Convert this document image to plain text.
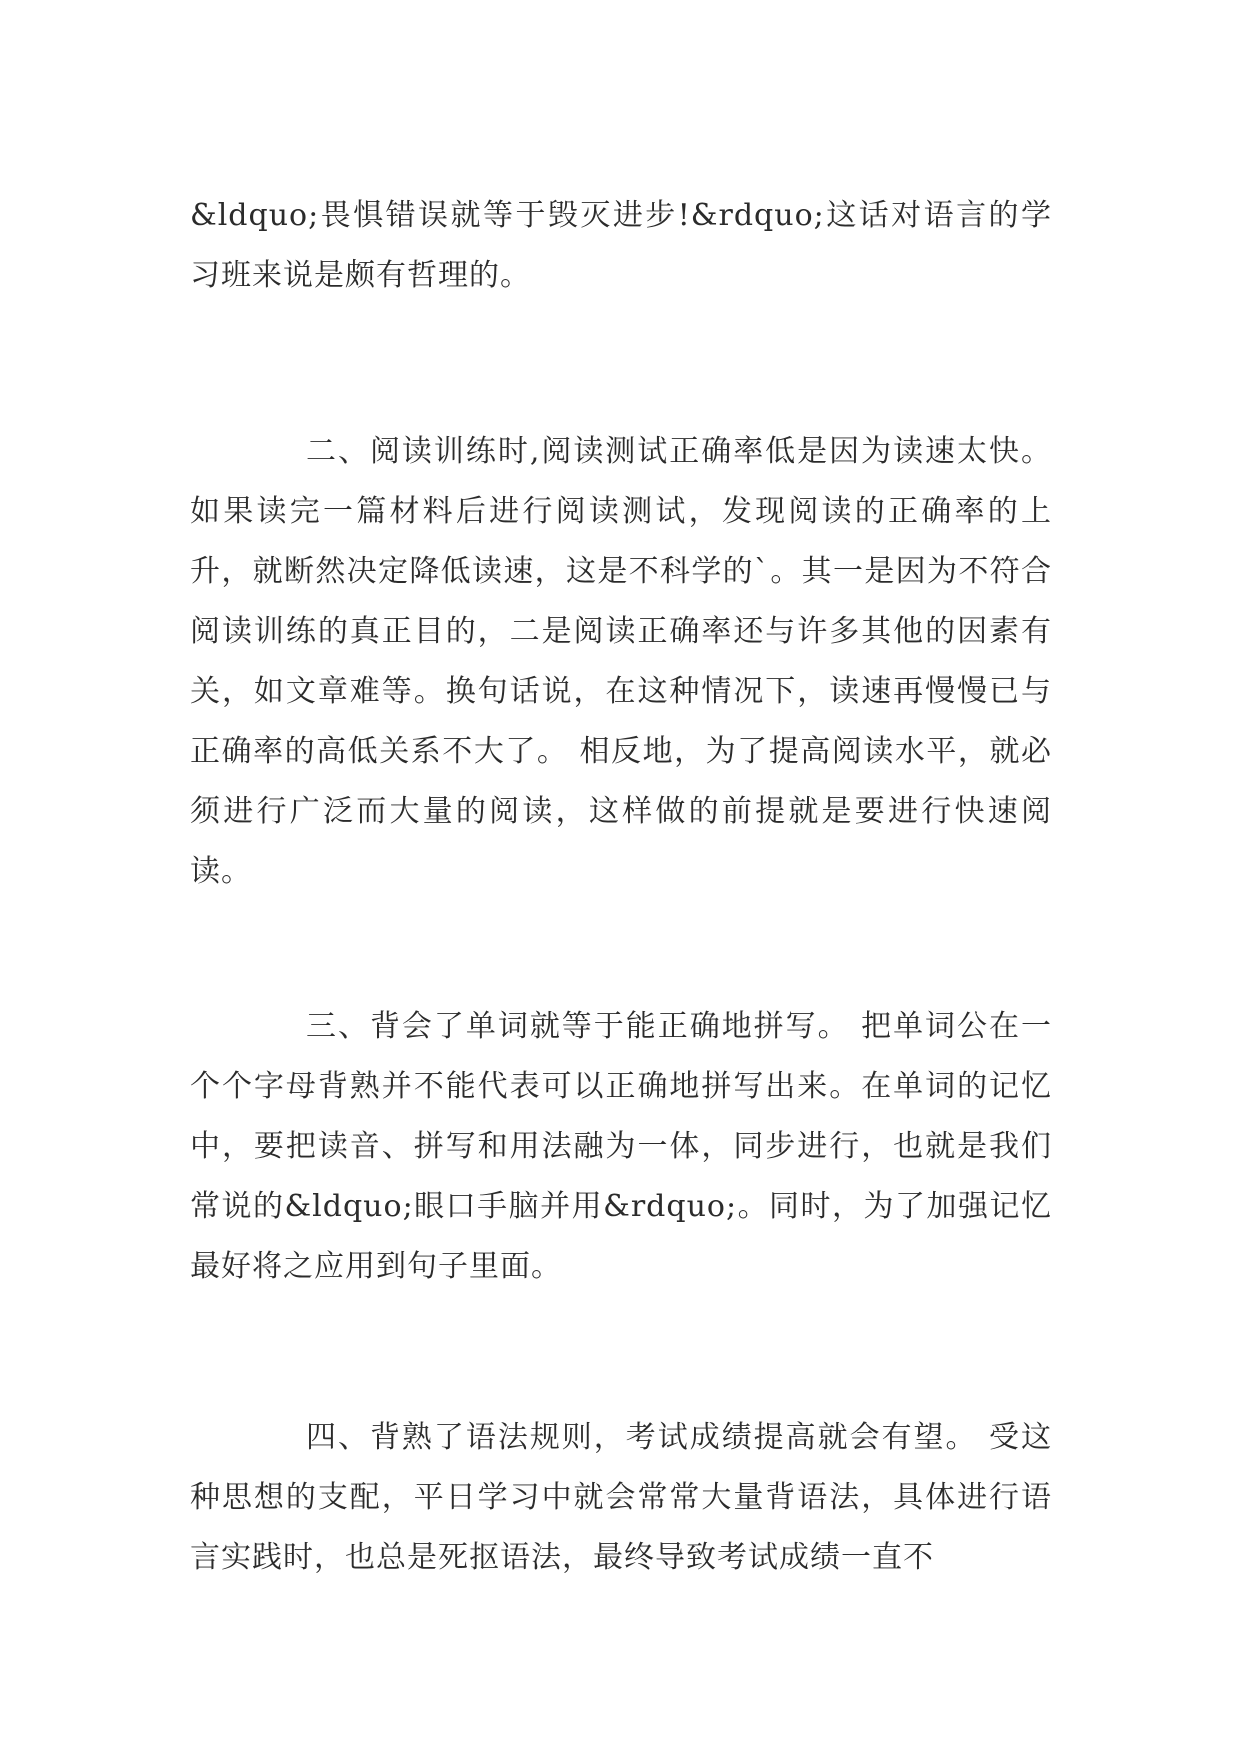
&ldquo;畏惧错误就等于毁灭进步!&rdquo;这话对语言的学习班来说是颇有哲理的。

二、阅读训练时,阅读测试正确率低是因为读速太快。如果读完一篇材料后进行阅读测试，发现阅读的正确率的上升，就断然决定降低读速，这是不科学的`。其一是因为不符合阅读训练的真正目的，二是阅读正确率还与许多其他的因素有关，如文章难等。换句话说，在这种情况下，读速再慢慢已与正确率的高低关系不大了。 相反地，为了提高阅读水平，就必须进行广泛而大量的阅读，这样做的前提就是要进行快速阅读。

三、背会了单词就等于能正确地拼写。 把单词公在一个个字母背熟并不能代表可以正确地拼写出来。在单词的记忆中，要把读音、拼写和用法融为一体，同步进行，也就是我们常说的&ldquo;眼口手脑并用&rdquo;。同时，为了加强记忆最好将之应用到句子里面。

四、背熟了语法规则，考试成绩提高就会有望。 受这种思想的支配，平日学习中就会常常大量背语法，具体进行语言实践时，也总是死抠语法，最终导致考试成绩一直不
